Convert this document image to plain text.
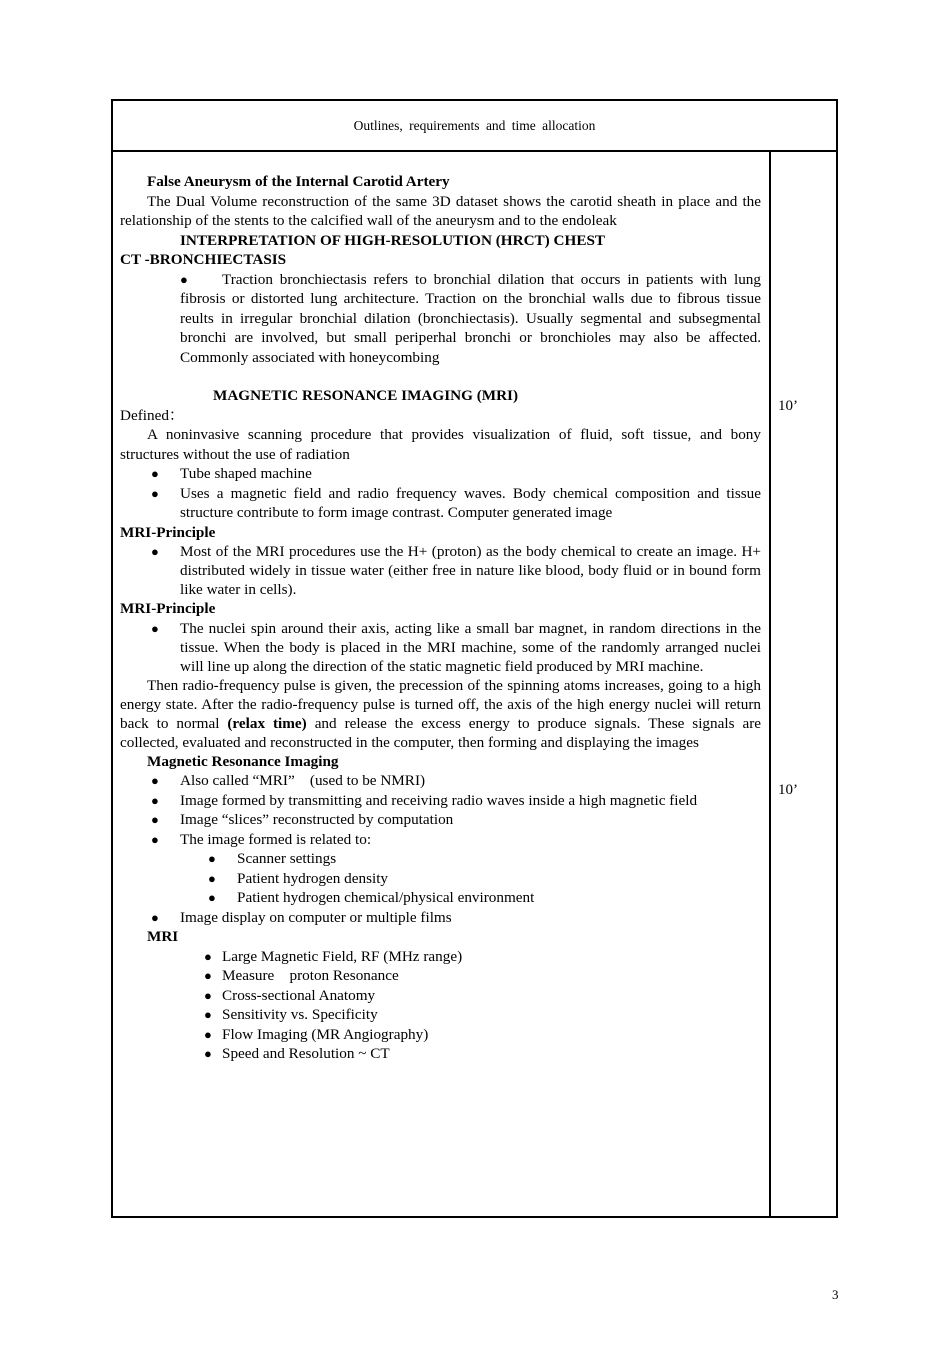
Outlines, requirements and time allocation
10’
10’

False Aneurysm of the Internal Carotid Artery

The Dual Volume reconstruction of the same 3D dataset shows the carotid sheath in place and the relationship of the stents to the calcified wall of the aneurysm and to the endoleak

INTERPRETATION OF HIGH-RESOLUTION (HRCT) CHEST

CT -BRONCHIECTASIS

● Traction bronchiectasis refers to bronchial dilation that occurs in patients with lung fibrosis or distorted lung architecture. Traction on the bronchial walls due to fibrous tissue reults in irregular bronchial dilation (bronchiectasis). Usually segmental and subsegmental bronchi are involved, but small periperhal bronchi or bronchioles may also be affected. Commonly associated with honeycombing

MAGNETIC RESONANCE IMAGING (MRI)

Defined：

A noninvasive scanning procedure that provides visualization of fluid, soft tissue, and bony structures without the use of radiation

● Tube shaped machine
● Uses a magnetic field and radio frequency waves. Body chemical composition and tissue structure contribute to form image contrast. Computer generated image

MRI-Principle

● Most of the MRI procedures use the H+ (proton) as the body chemical to create an image. H+ distributed widely in tissue water (either free in nature like blood, body fluid or in bound form like water in cells).

MRI-Principle

● The nuclei spin around their axis, acting like a small bar magnet, in random directions in the tissue. When the body is placed in the MRI machine, some of the randomly arranged nuclei will line up along the direction of the static magnetic field produced by MRI machine.

Then radio-frequency pulse is given, the precession of the spinning atoms increases, going to a high energy state. After the radio-frequency pulse is turned off, the axis of the high energy nuclei will return back to normal (relax time) and release the excess energy to produce signals. These signals are collected, evaluated and reconstructed in the computer, then forming and displaying the images

Magnetic Resonance Imaging

● Also called “MRI”    (used to be NMRI)
● Image formed by transmitting and receiving radio waves inside a high magnetic field
● Image “slices” reconstructed by computation
● The image formed is related to:
● Scanner settings
● Patient hydrogen density
● Patient hydrogen chemical/physical environment
● Image display on computer or multiple films

MRI

● Large Magnetic Field, RF (MHz range)
● Measure    proton Resonance
● Cross-sectional Anatomy
● Sensitivity vs. Specificity
● Flow Imaging (MR Angiography)
● Speed and Resolution ~ CT
3
